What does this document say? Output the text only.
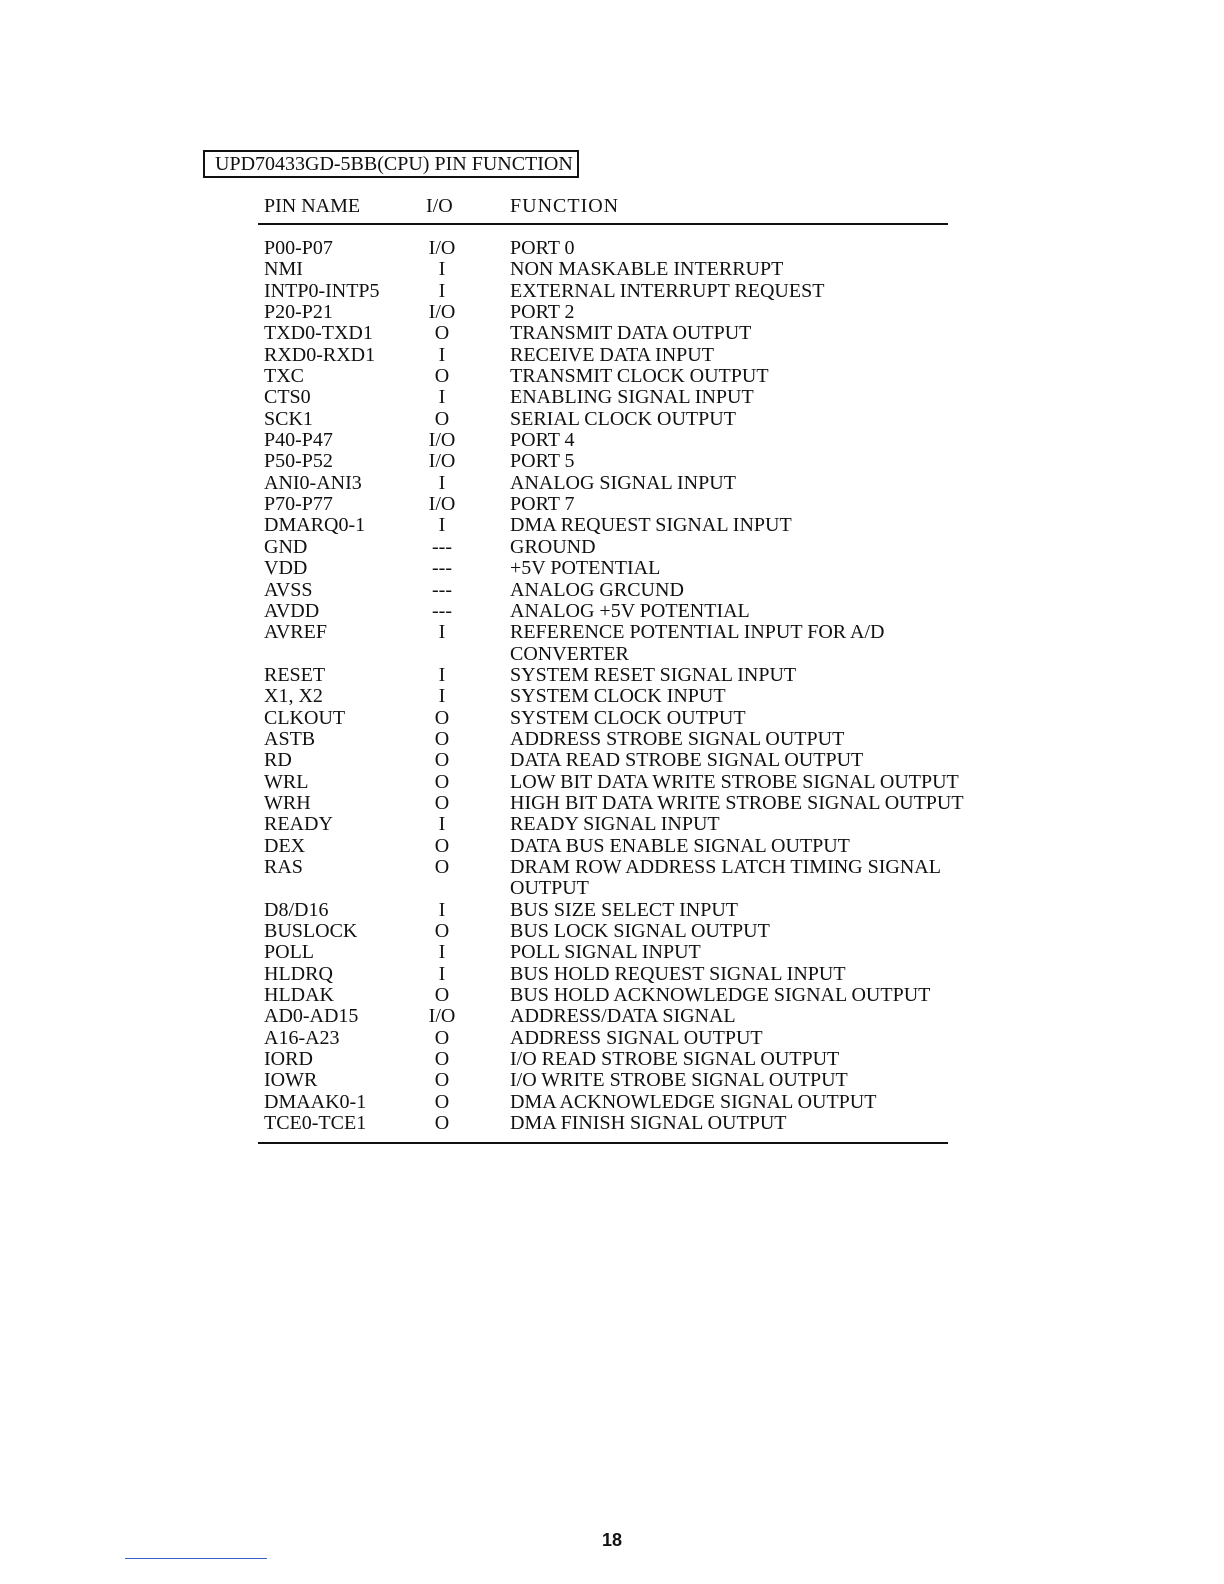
UPD70433GD-5BB(CPU) PIN FUNCTION
PIN NAME	I/O	FUNCTION
P00-P07	I/O	PORT 0
NMI	I	NON MASKABLE INTERRUPT
INTP0-INTP5	I	EXTERNAL INTERRUPT REQUEST
P20-P21	I/O	PORT 2
TXD0-TXD1	O	TRANSMIT DATA OUTPUT
RXD0-RXD1	I	RECEIVE DATA INPUT
TXC	O	TRANSMIT CLOCK OUTPUT
CTS0	I	ENABLING SIGNAL INPUT
SCK1	O	SERIAL CLOCK OUTPUT
P40-P47	I/O	PORT 4
P50-P52	I/O	PORT 5
ANI0-ANI3	I	ANALOG SIGNAL INPUT
P70-P77	I/O	PORT 7
DMARQ0-1	I	DMA REQUEST SIGNAL INPUT
GND	---	GROUND
VDD	---	+5V POTENTIAL
AVSS	---	ANALOG GRCUND
AVDD	---	ANALOG +5V POTENTIAL
AVREF	I	REFERENCE POTENTIAL INPUT FOR A/D CONVERTER
RESET	I	SYSTEM RESET SIGNAL INPUT
X1, X2	I	SYSTEM CLOCK INPUT
CLKOUT	O	SYSTEM CLOCK OUTPUT
ASTB	O	ADDRESS STROBE SIGNAL OUTPUT
RD	O	DATA READ STROBE SIGNAL OUTPUT
WRL	O	LOW BIT DATA WRITE STROBE SIGNAL OUTPUT
WRH	O	HIGH BIT DATA WRITE STROBE SIGNAL OUTPUT
READY	I	READY SIGNAL INPUT
DEX	O	DATA BUS ENABLE SIGNAL OUTPUT
RAS	O	DRAM ROW ADDRESS LATCH TIMING SIGNAL OUTPUT
D8/D16	I	BUS SIZE SELECT INPUT
BUSLOCK	O	BUS LOCK SIGNAL OUTPUT
POLL	I	POLL SIGNAL INPUT
HLDRQ	I	BUS HOLD REQUEST SIGNAL INPUT
HLDAK	O	BUS HOLD ACKNOWLEDGE SIGNAL OUTPUT
AD0-AD15	I/O	ADDRESS/DATA SIGNAL
A16-A23	O	ADDRESS SIGNAL OUTPUT
IORD	O	I/O READ STROBE SIGNAL OUTPUT
IOWR	O	I/O WRITE STROBE SIGNAL OUTPUT
DMAAK0-1	O	DMA ACKNOWLEDGE SIGNAL OUTPUT
TCE0-TCE1	O	DMA FINISH SIGNAL OUTPUT
18
